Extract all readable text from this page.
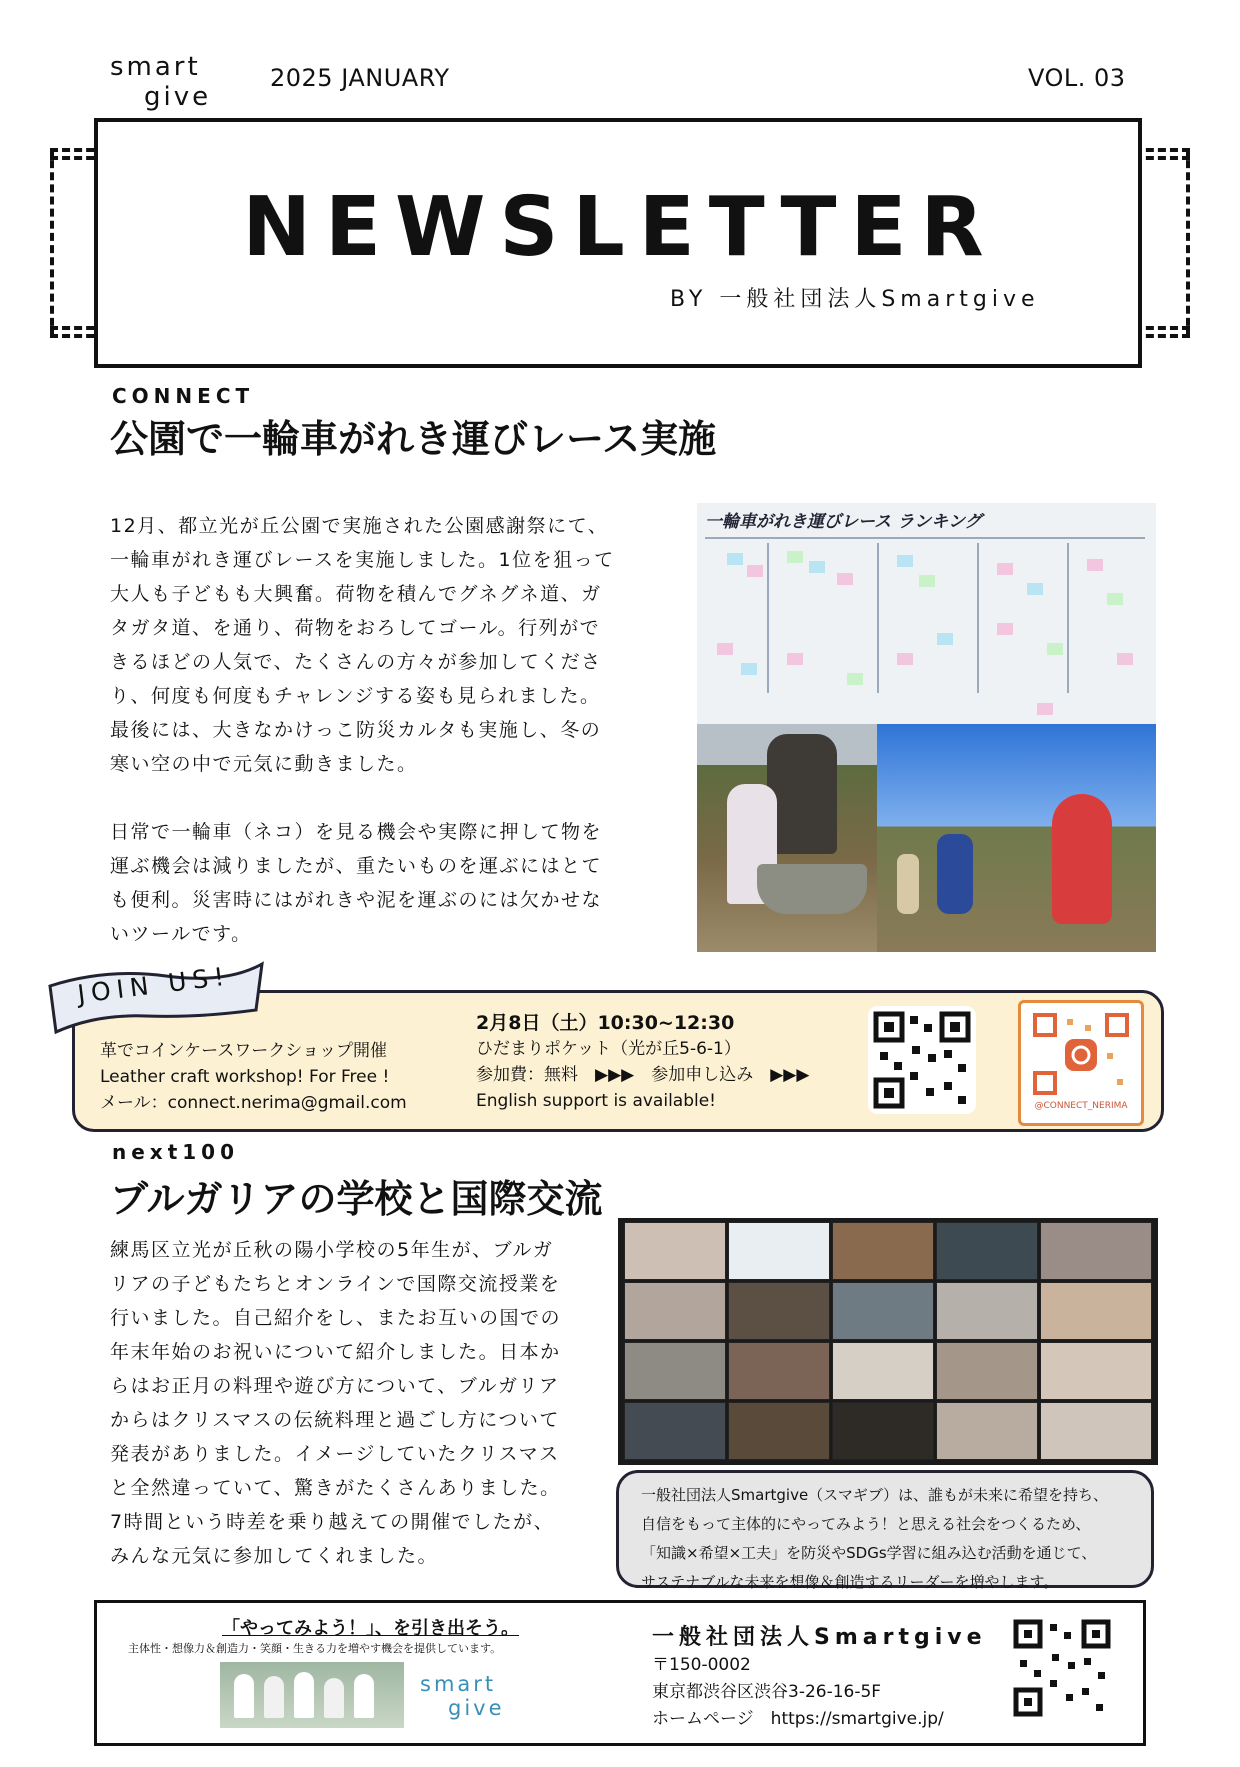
smart
give
2025 JANUARY	VOL. 03
NEWSLETTER
BY 一般社団法人Smartgive
CONNECT
公園で一輪車がれき運びレース実施
12月、都立光が丘公園で実施された公園感謝祭にて、
一輪車がれき運びレースを実施しました。1位を狙って
大人も子どもも大興奮。荷物を積んでグネグネ道、ガ
タガタ道、を通り、荷物をおろしてゴール。行列がで
きるほどの人気で、たくさんの方々が参加してくださ
り、何度も何度もチャレンジする姿も見られました。
最後には、大きなかけっこ防災カルタも実施し、冬の
寒い空の中で元気に動きました。
日常で一輪車（ネコ）を見る機会や実際に押して物を
運ぶ機会は減りましたが、重たいものを運ぶにはとて
も便利。災害時にはがれきや泥を運ぶのには欠かせな
いツールです。
一輪車がれき運びレース ランキング
JOIN US!
革でコインケースワークショップ開催
Leather craft workshop! For Free !
メール：connect.nerima@gmail.com
2月8日（土）10:30~12:30
ひだまりポケット（光が丘5-6-1）
参加費：無料　▶▶▶　参加申し込み　▶▶▶
English support is available!	@CONNECT_NERIMA
next100
ブルガリアの学校と国際交流
練馬区立光が丘秋の陽小学校の5年生が、ブルガ
リアの子どもたちとオンラインで国際交流授業を
行いました。自己紹介をし、またお互いの国での
年末年始のお祝いについて紹介しました。日本か
らはお正月の料理や遊び方について、ブルガリア
からはクリスマスの伝統料理と過ごし方について
発表がありました。イメージしていたクリスマス
と全然違っていて、驚きがたくさんありました。
7時間という時差を乗り越えての開催でしたが、
みんな元気に参加してくれました。
一般社団法人Smartgive（スマギブ）は、誰もが未来に希望を持ち、
自信をもって主体的にやってみよう！と思える社会をつくるため、
「知識×希望×工夫」を防災やSDGs学習に組み込む活動を通じて、
サステナブルな未来を想像＆創造するリーダーを増やします。
「やってみよう！」、を引き出そう。
主体性・想像力＆創造力・笑顔・生きる力を増やす機会を提供しています。
smart
give
一般社団法人Smartgive
〒150-0002
東京都渋谷区渋谷3-26-16-5F
ホームページ　 https://smartgive.jp/
